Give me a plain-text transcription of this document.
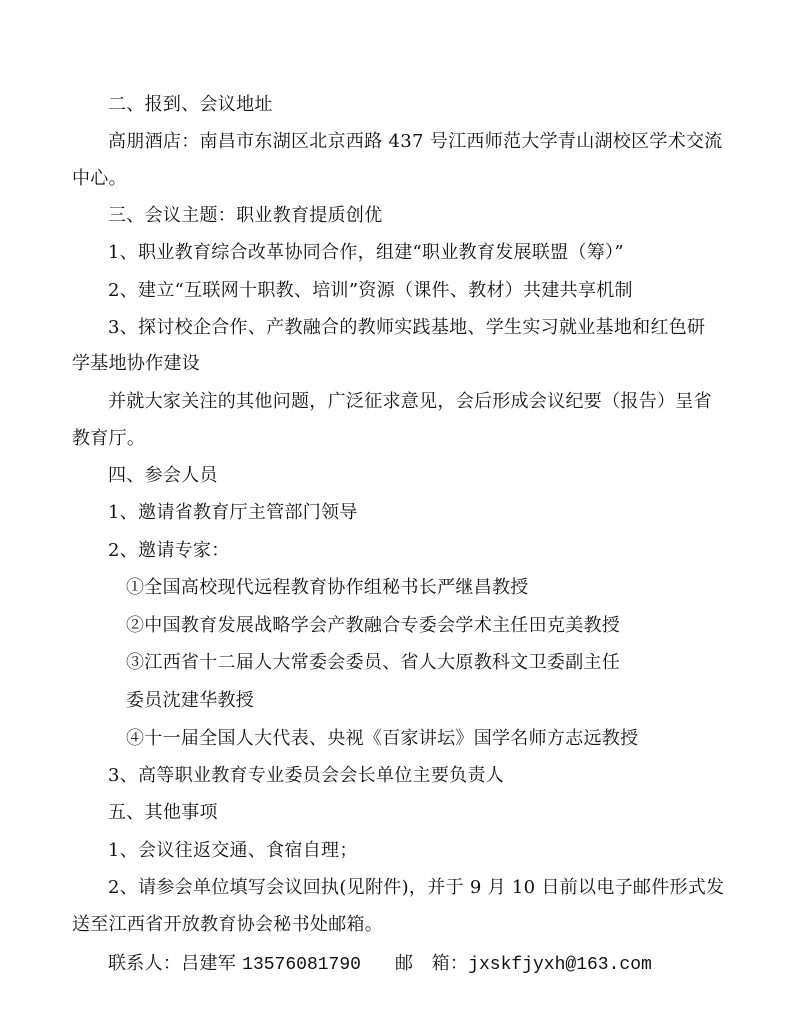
二、报到、会议地址
高朋酒店：南昌市东湖区北京西路 437 号江西师范大学青山湖校区学术交流
中心。
三、会议主题：职业教育提质创优
1、职业教育综合改革协同合作，组建“职业教育发展联盟（筹）”
2、建立“互联网十职教、培训”资源（课件、教材）共建共享机制
3、探讨校企合作、产教融合的教师实践基地、学生实习就业基地和红色研
学基地协作建设
并就大家关注的其他问题，广泛征求意见，会后形成会议纪要（报告）呈省
教育厅。
四、参会人员
1、邀请省教育厅主管部门领导
2、邀请专家：
①全国高校现代远程教育协作组秘书长严继昌教授
②中国教育发展战略学会产教融合专委会学术主任田克美教授
③江西省十二届人大常委会委员、省人大原教科文卫委副主任
委员沈建华教授
④十一届全国人大代表、央视《百家讲坛》国学名师方志远教授
3、高等职业教育专业委员会会长单位主要负责人
五、其他事项
1、会议往返交通、食宿自理；
2、请参会单位填写会议回执(见附件)，并于 9 月 10 日前以电子邮件形式发
送至江西省开放教育协会秘书处邮箱。
联系人：吕建军 13576081790 邮　箱：jxskfjyxh@163.com
